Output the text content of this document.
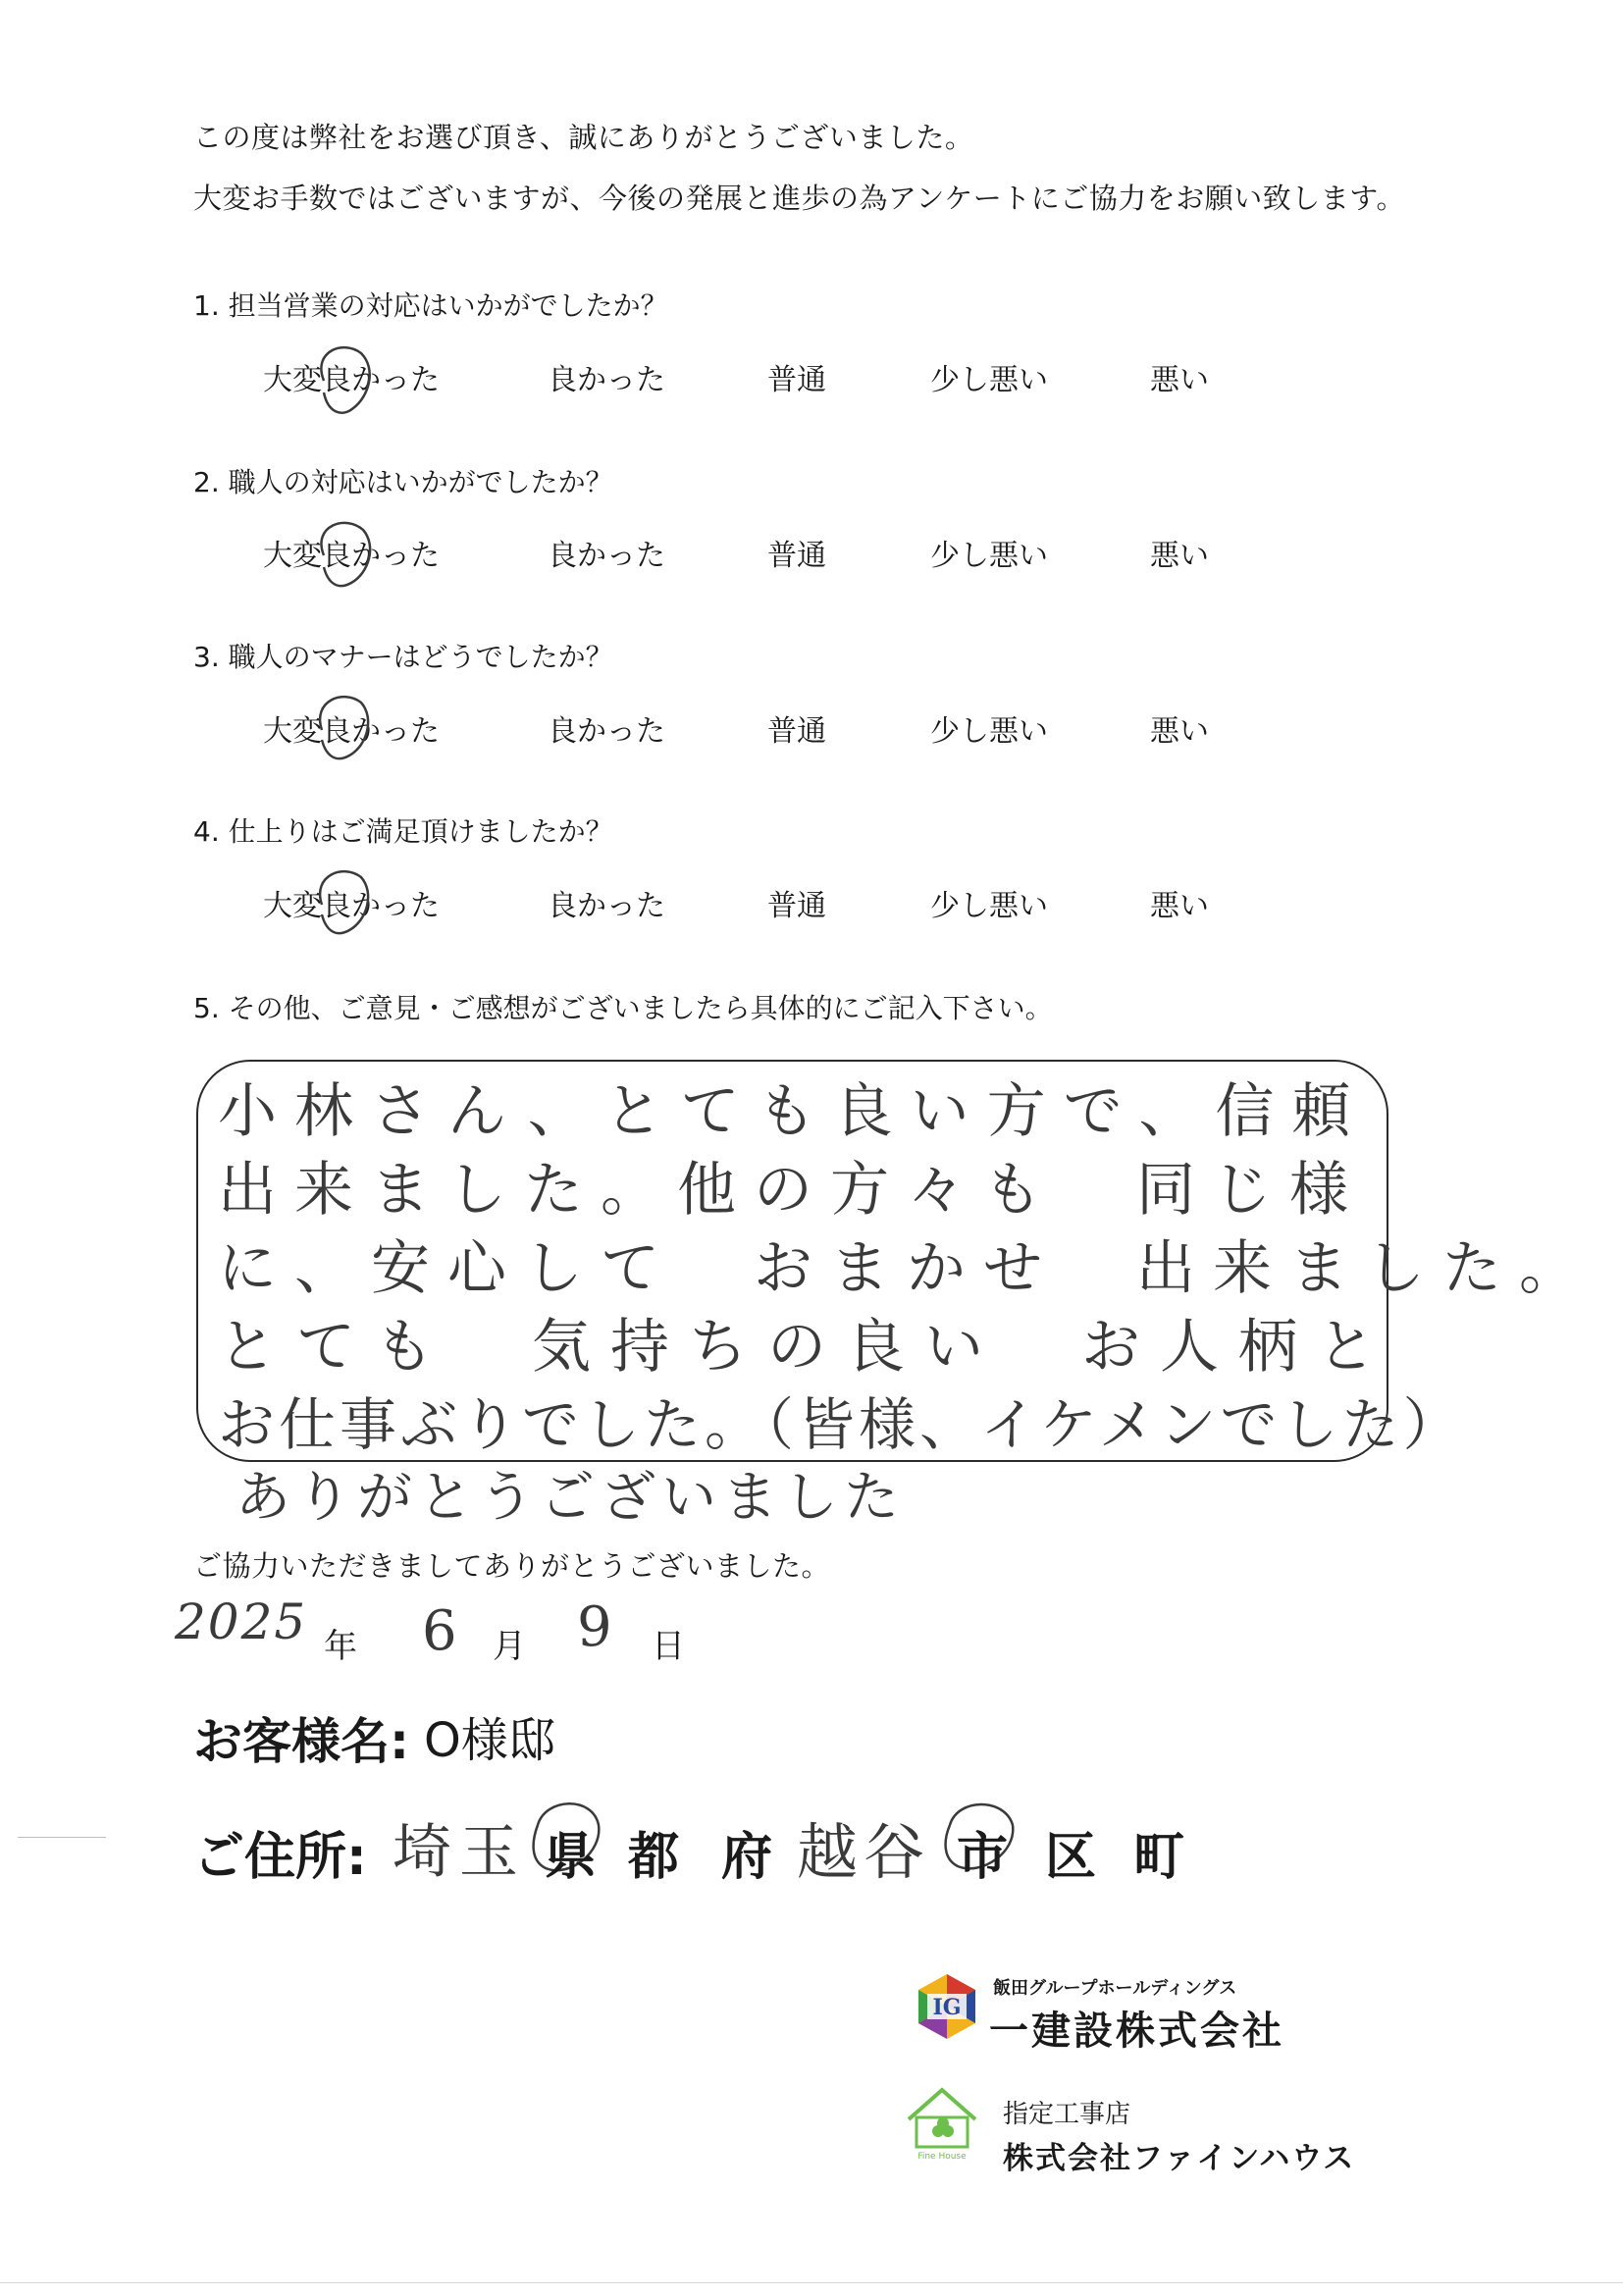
この度は弊社をお選び頂き、誠にありがとうございました。
大変お手数ではございますが、今後の発展と進歩の為アンケートにご協力をお願い致します。
1. 担当営業の対応はいかがでしたか？
大変良かった	良かった	普通	少し悪い	悪い
2. 職人の対応はいかがでしたか？
大変良かった	良かった	普通	少し悪い	悪い
3. 職人のマナーはどうでしたか？
大変良かった	良かった	普通	少し悪い	悪い
4. 仕上りはご満足頂けましたか？
大変良かった	良かった	普通	少し悪い	悪い
5. その他、ご意見・ご感想がございましたら具体的にご記入下さい。
小林さん、とても良い方で、信頼
出来ました。他の方々も　同じ様
に、安心して　おまかせ　出来ました。
とても　気持ちの良い　お人柄と
お仕事ぶりでした。（皆様、イケメンでした）
ありがとうございました
ご協力いただきましてありがとうございました。
2025 年 6 月 9 日
お客様名: O様邸
ご住所: 埼玉 県 都 府 越谷 市 区 町
IG
飯田グループホールディングス
一建設株式会社
Fine House
指定工事店
株式会社ファインハウス
